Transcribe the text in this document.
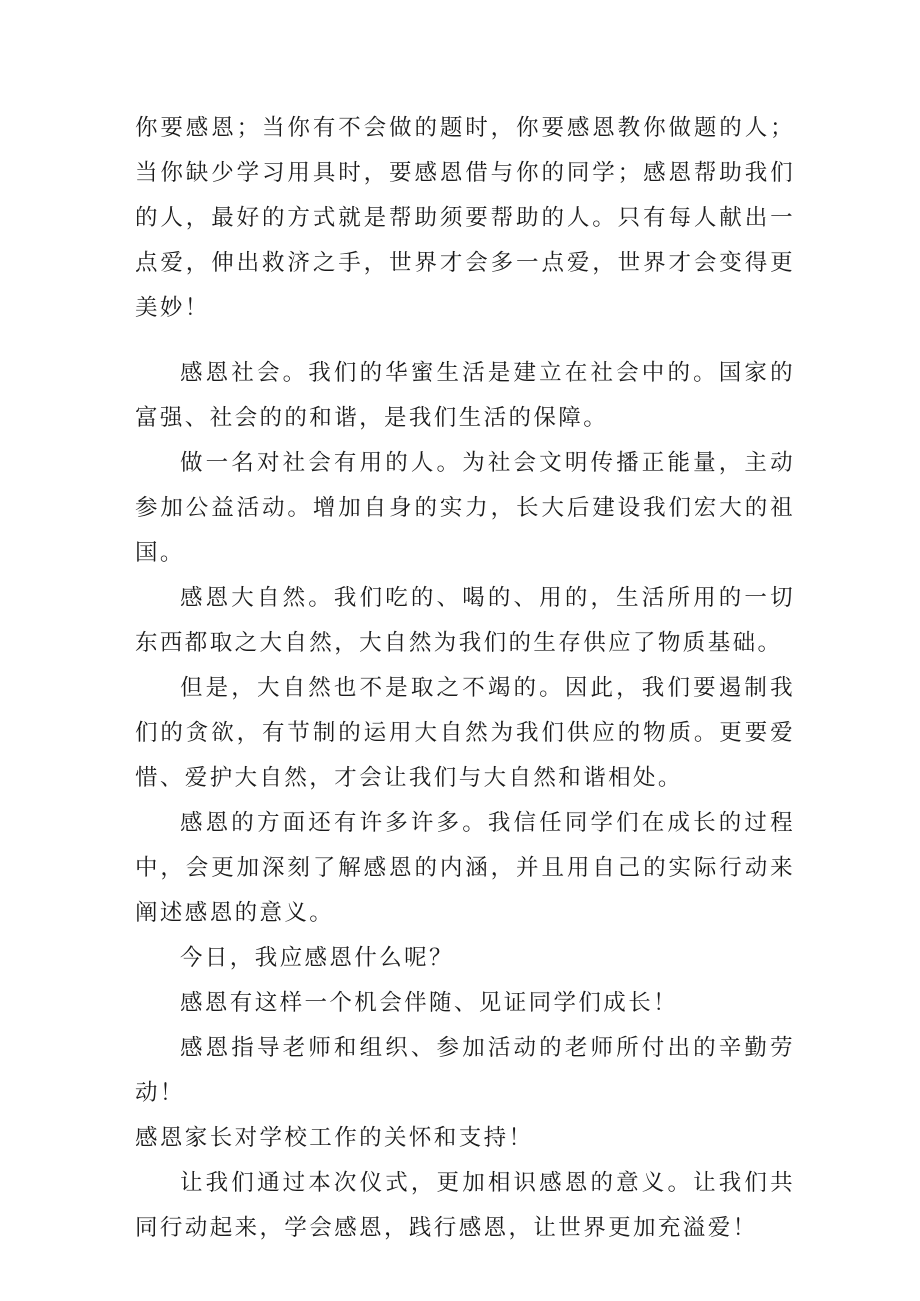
你要感恩；当你有不会做的题时，你要感恩教你做题的人；当你缺少学习用具时，要感恩借与你的同学；感恩帮助我们的人，最好的方式就是帮助须要帮助的人。只有每人献出一点爱，伸出救济之手，世界才会多一点爱，世界才会变得更美妙！

感恩社会。我们的华蜜生活是建立在社会中的。国家的富强、社会的的和谐，是我们生活的保障。

做一名对社会有用的人。为社会文明传播正能量，主动参加公益活动。增加自身的实力，长大后建设我们宏大的祖国。

感恩大自然。我们吃的、喝的、用的，生活所用的一切东西都取之大自然，大自然为我们的生存供应了物质基础。

但是，大自然也不是取之不竭的。因此，我们要遏制我们的贪欲，有节制的运用大自然为我们供应的物质。更要爱惜、爱护大自然，才会让我们与大自然和谐相处。

感恩的方面还有许多许多。我信任同学们在成长的过程中，会更加深刻了解感恩的内涵，并且用自己的实际行动来阐述感恩的意义。

今日，我应感恩什么呢？

感恩有这样一个机会伴随、见证同学们成长！

感恩指导老师和组织、参加活动的老师所付出的辛勤劳动！

感恩家长对学校工作的关怀和支持！

让我们通过本次仪式，更加相识感恩的意义。让我们共同行动起来，学会感恩，践行感恩，让世界更加充溢爱！
